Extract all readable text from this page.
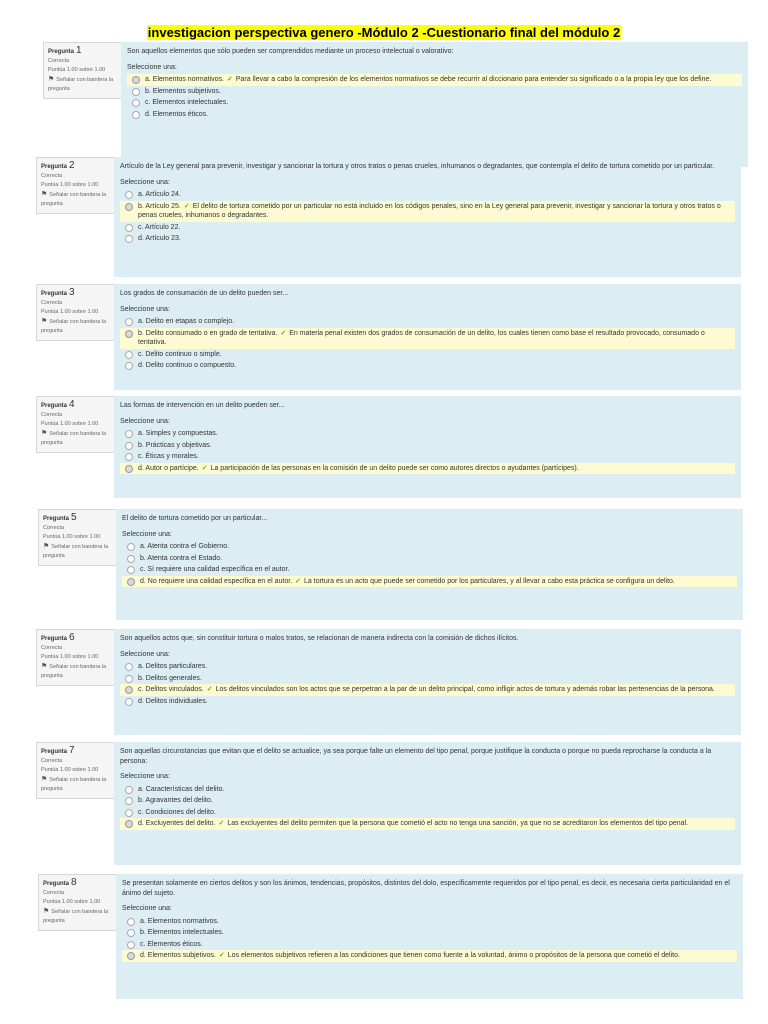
investigacion perspectiva genero -Módulo 2 -Cuestionario final del módulo 2
Pregunta 1
Correcta
Puntúa 1.00 sobre 1.00
⚑ Señalar con bandera la pregunta
Son aquellos elementos que sólo pueden ser comprendidos mediante un proceso intelectual o valorativo:
Seleccione una:
a. Elementos normativos. ✓ Para llevar a cabo la compresión de los elementos normativos se debe recurrir al diccionario para entender su significado o a la propia ley que los define.
b. Elementos subjetivos.
c. Elementos intelectuales.
d. Elementos éticos.
Pregunta 2
Correcta
Puntúa 1.00 sobre 1.00
⚑ Señalar con bandera la pregunta
Artículo de la Ley general para prevenir, investigar y sancionar la tortura y otros tratos o penas crueles, inhumanos o degradantes, que contempla el delito de tortura cometido por un particular.
Seleccione una:
a. Artículo 24.
b. Artículo 25. ✓ El delito de tortura cometido por un particular no está incluido en los códigos penales, sino en la Ley general para prevenir, investigar y sancionar la tortura y otros tratos o penas crueles, inhumanos o degradantes.
c. Artículo 22.
d. Artículo 23.
Pregunta 3
Correcta
Puntúa 1.00 sobre 1.00
⚑ Señalar con bandera la pregunta
Los grados de consumación de un delito pueden ser...
Seleccione una:
a. Delito en etapas o complejo.
b. Delito consumado o en grado de tentativa. ✓ En materia penal existen dos grados de consumación de un delito, los cuales tienen como base el resultado provocado, consumado o tentativa.
c. Delito continuo o simple.
d. Delito continuo o compuesto.
Pregunta 4
Correcta
Puntúa 1.00 sobre 1.00
⚑ Señalar con bandera la pregunta
Las formas de intervención en un delito pueden ser...
Seleccione una:
a. Simples y compuestas.
b. Prácticas y objetivas.
c. Éticas y morales.
d. Autor o partícipe. ✓ La participación de las personas en la comisión de un delito puede ser como autores directos o ayudantes (partícipes).
Pregunta 5
Correcta
Puntúa 1.00 sobre 1.00
⚑ Señalar con bandera la pregunta
El delito de tortura cometido por un particular...
Seleccione una:
a. Atenta contra el Gobierno.
b. Atenta contra el Estado.
c. Sí requiere una calidad específica en el autor.
d. No requiere una calidad específica en el autor. ✓ La tortura es un acto que puede ser cometido por los particulares, y al llevar a cabo esta práctica se configura un delito.
Pregunta 6
Correcta
Puntúa 1.00 sobre 1.00
⚑ Señalar con bandera la pregunta
Son aquellos actos que, sin constituir tortura o malos tratos, se relacionan de manera indirecta con la comisión de dichos ilícitos.
Seleccione una:
a. Delitos particulares.
b. Delitos generales.
c. Delitos vinculados. ✓ Los delitos vinculados son los actos que se perpetran a la par de un delito principal, como infligir actos de tortura y además robar las pertenencias de la persona.
d. Delitos individuales.
Pregunta 7
Correcta
Puntúa 1.00 sobre 1.00
⚑ Señalar con bandera la pregunta
Son aquellas circunstancias que evitan que el delito se actualice, ya sea porque falte un elemento del tipo penal, porque justifique la conducta o porque no pueda reprocharse la conducta a la persona:
Seleccione una:
a. Características del delito.
b. Agravantes del delito.
c. Condiciones del delito.
d. Excluyentes del delito. ✓ Las excluyentes del delito permiten que la persona que cometió el acto no tenga una sanción, ya que no se acreditaron los elementos del tipo penal.
Pregunta 8
Correcta
Puntúa 1.00 sobre 1.00
⚑ Señalar con bandera la pregunta
Se presentan solamente en ciertos delitos y son los ánimos, tendencias, propósitos, distintos del dolo, específicamente requeridos por el tipo penal, es decir, es necesaria cierta particularidad en el ánimo del sujeto.
Seleccione una:
a. Elementos normativos.
b. Elementos intelectuales.
c. Elementos éticos.
d. Elementos subjetivos. ✓ Los elementos subjetivos refieren a las condiciones que tienen como fuente a la voluntad, ánimo o propósitos de la persona que cometió el delito.
